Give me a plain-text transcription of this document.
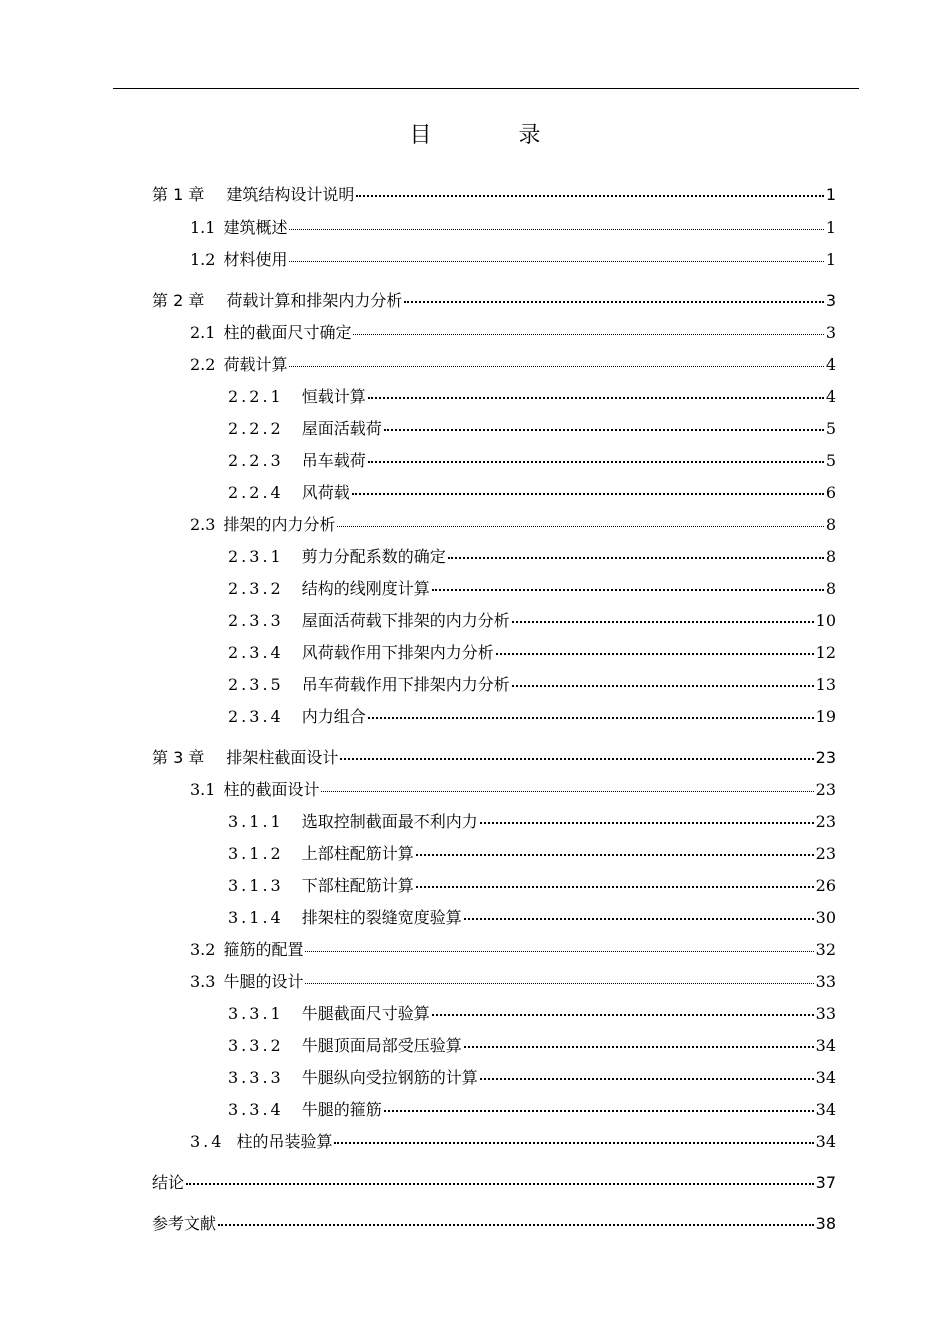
目 录
第 1 章 建筑结构设计说明	1
1.1 建筑概述	1
1.2 材料使用	1
第 2 章 荷载计算和排架内力分析	3
2.1 柱的截面尺寸确定	3
2.2 荷载计算	4
2.2.1 恒载计算	4
2.2.2 屋面活载荷	5
2.2.3 吊车载荷	5
2.2.4 风荷载	6
2.3 排架的内力分析	8
2.3.1 剪力分配系数的确定	8
2.3.2 结构的线刚度计算	8
2.3.3 屋面活荷载下排架的内力分析	10
2.3.4 风荷载作用下排架内力分析	12
2.3.5 吊车荷载作用下排架内力分析	13
2.3.4 内力组合	19
第 3 章 排架柱截面设计	23
3.1 柱的截面设计	23
3.1.1 选取控制截面最不利内力	23
3.1.2 上部柱配筋计算	23
3.1.3 下部柱配筋计算	26
3.1.4 排架柱的裂缝宽度验算	30
3.2 箍筋的配置	32
3.3 牛腿的设计	33
3.3.1 牛腿截面尺寸验算	33
3.3.2 牛腿顶面局部受压验算	34
3.3.3 牛腿纵向受拉钢筋的计算	34
3.3.4 牛腿的箍筋	34
3.4 柱的吊装验算	34
结论	37
参考文献	38
